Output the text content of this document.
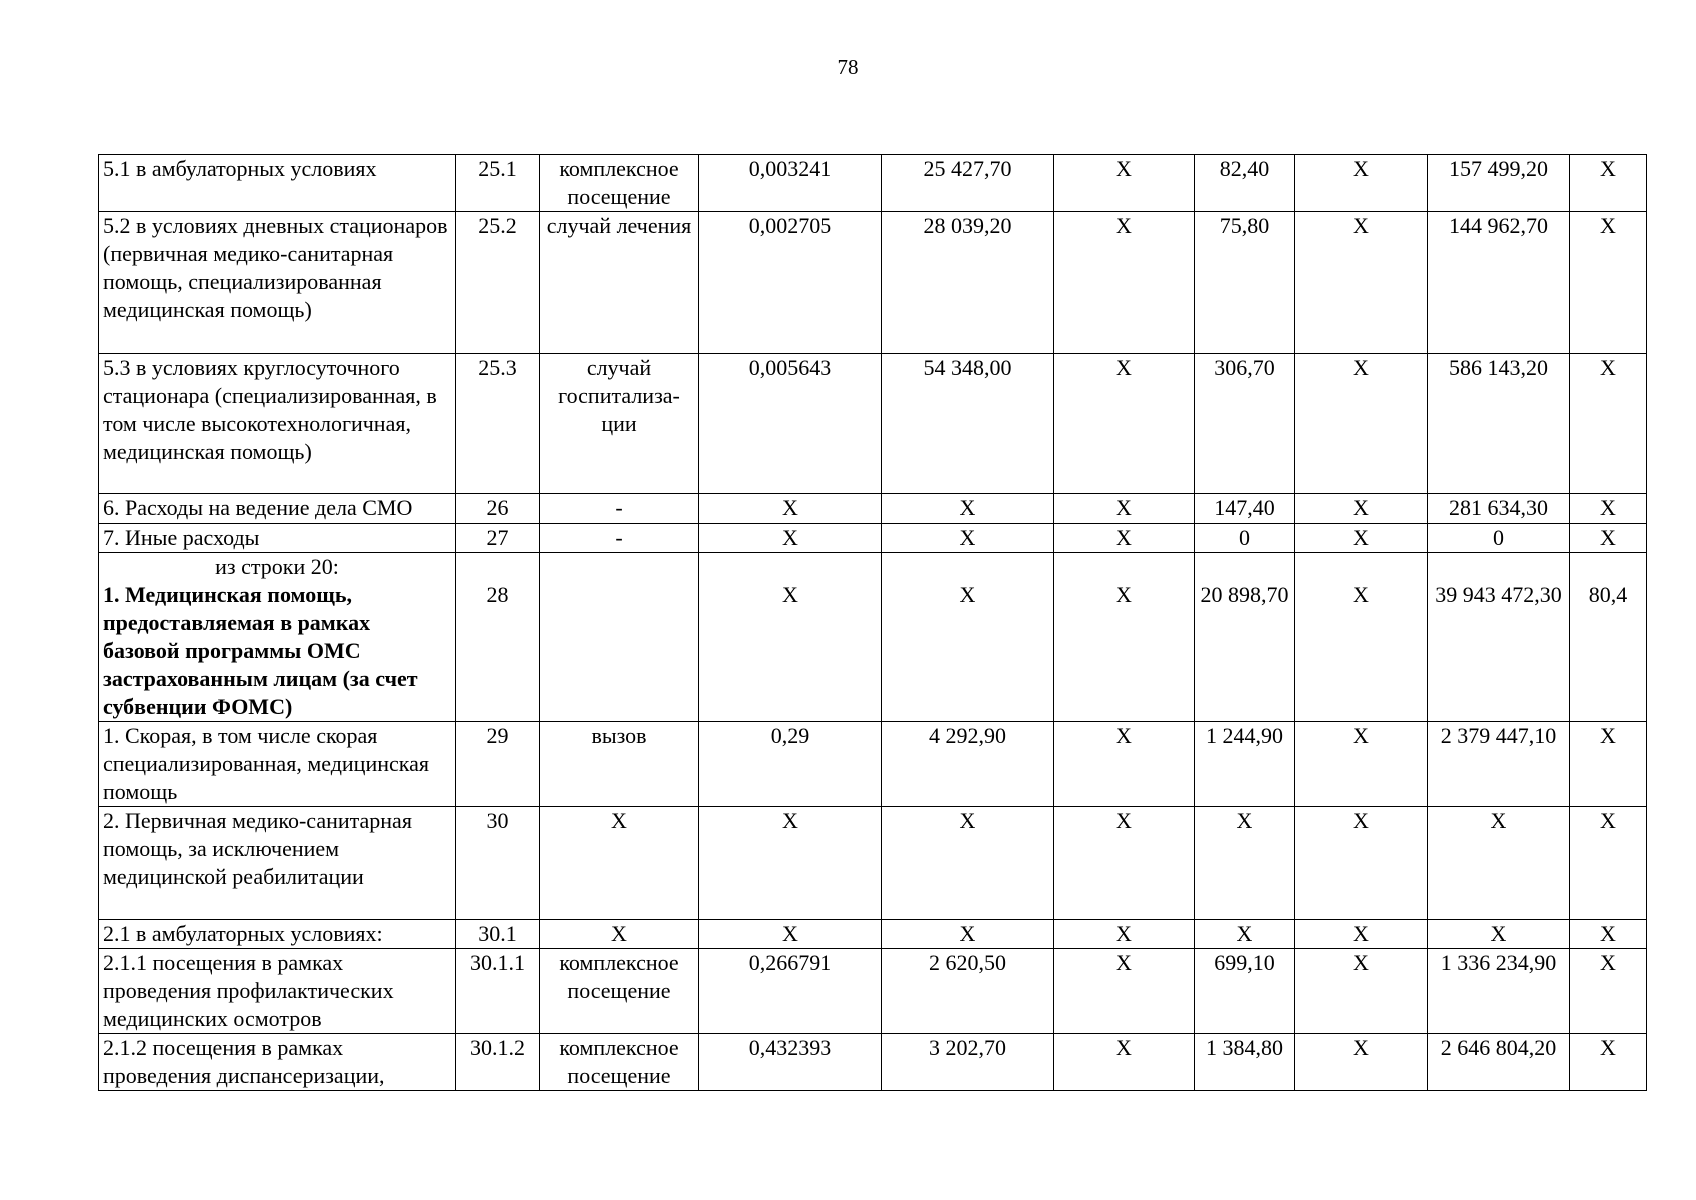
78
5.1 в амбулаторных условиях	25.1	комплексное посещение	0,003241	25 427,70	Х	82,40	Х	157 499,20	Х
5.2 в условиях дневных стационаров (первичная медико-санитарная помощь, специализированная медицинская помощь)	25.2	случай лечения	0,002705	28 039,20	Х	75,80	Х	144 962,70	Х
5.3 в условиях круглосуточного стационара (специализированная, в том числе высокотехнологичная, медицинская помощь)	25.3	случай госпитализа-ции	0,005643	54 348,00	Х	306,70	Х	586 143,20	Х
6. Расходы на ведение дела СМО	26	-	Х	Х	Х	147,40	Х	281 634,30	Х
7. Иные расходы	27	-	Х	Х	Х	0	Х	0	Х

из строки 20:
1. Медицинская помощь, предоставляемая в рамках базовой программы ОМС застрахованным лицам (за счет субвенции ФОМС)	28		Х	Х	Х	20 898,70	Х	39 943 472,30	80,4
1. Скорая, в том числе скорая специализированная, медицинская помощь	29	вызов	0,29	4 292,90	Х	1 244,90	Х	2 379 447,10	Х
2. Первичная медико-санитарная помощь, за исключением медицинской реабилитации	30	Х	Х	Х	Х	Х	Х	Х	Х
2.1 в амбулаторных условиях:	30.1	Х	Х	Х	Х	Х	Х	Х	Х
2.1.1 посещения в рамках проведения профилактических медицинских осмотров	30.1.1	комплексное посещение	0,266791	2 620,50	Х	699,10	Х	1 336 234,90	Х
2.1.2 посещения в рамках проведения диспансеризации,	30.1.2	комплексное посещение	0,432393	3 202,70	Х	1 384,80	Х	2 646 804,20	Х
